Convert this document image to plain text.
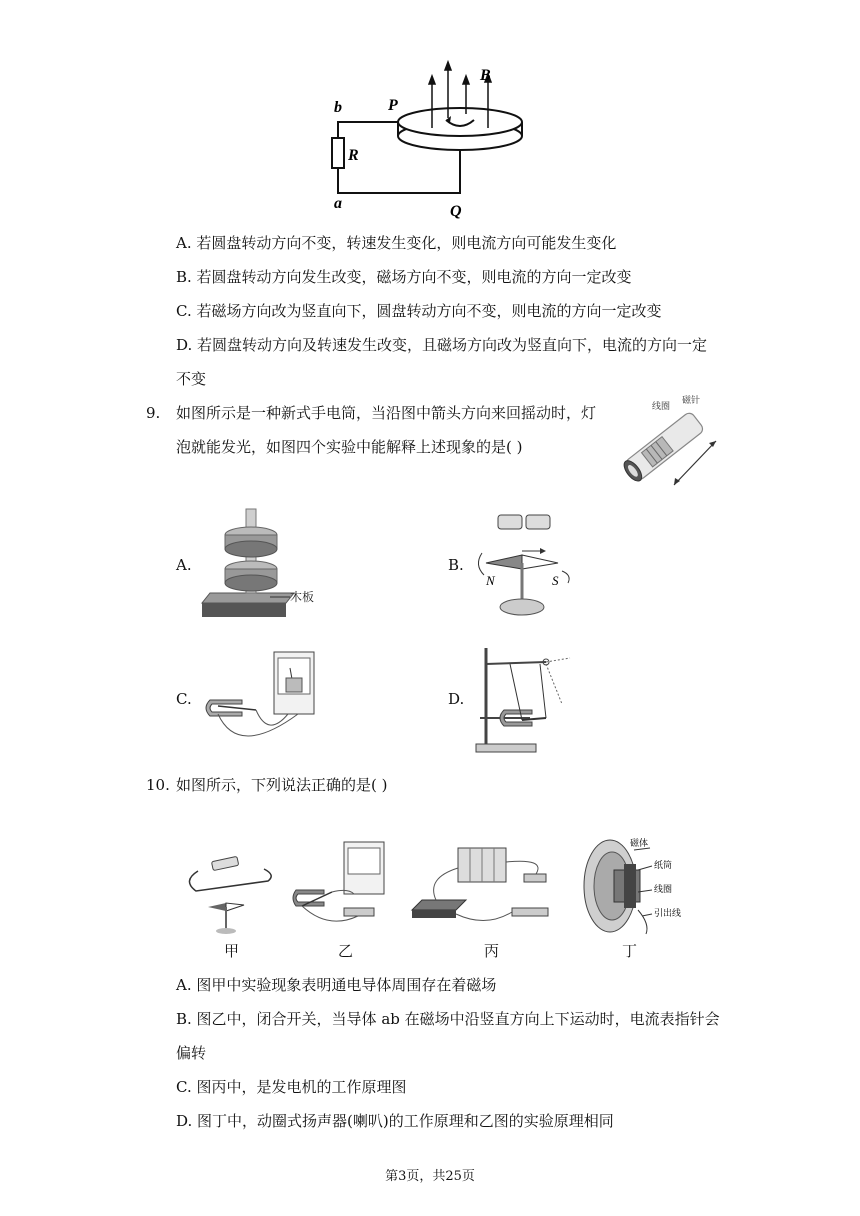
b	P
B
R
a	Q
A. 若圆盘转动方向不变，转速发生变化，则电流方向可能发生变化
B. 若圆盘转动方向发生改变，磁场方向不变，则电流的方向一定改变
C. 若磁场方向改为竖直向下，圆盘转动方向不变，则电流的方向一定改变
D. 若圆盘转动方向及转速发生改变，且磁场方向改为竖直向下，电流的方向一定
不变
9. 如图所示是一种新式手电筒，当沿图中箭头方向来回摇动时，灯
泡就能发光，如图四个实验中能解释上述现象的是( )
线圈
磁针
A.
木板
B.
N	S
C.	D.
10. 如图所示，下列说法正确的是( )
磁体
纸筒
线圈
引出线
甲	乙	丙	丁
A. 图甲中实验现象表明通电导体周围存在着磁场
B. 图乙中，闭合开关，当导体 ab 在磁场中沿竖直方向上下运动时，电流表指针会
偏转
C. 图丙中，是发电机的工作原理图
D. 图丁中，动圈式扬声器(喇叭)的工作原理和乙图的实验原理相同
第3页，共25页
